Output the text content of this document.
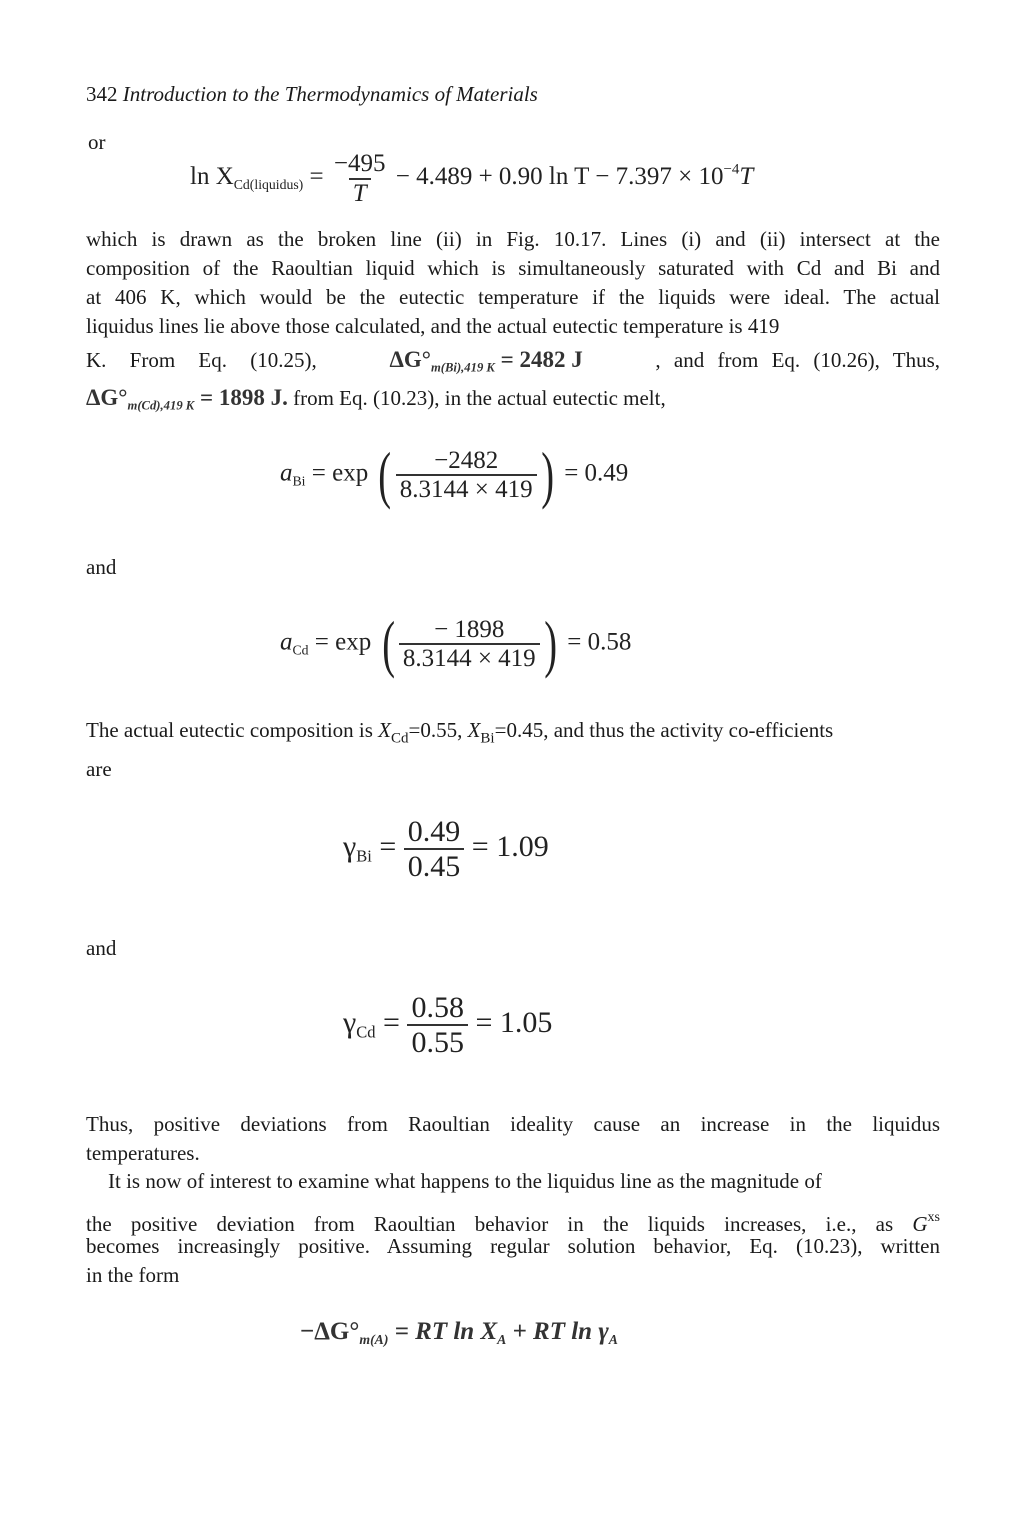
342 Introduction to the Thermodynamics of Materials
or
$\ln X_{Cd(liquidus)} = \frac{-495}{T} - 4.489 + 0.90$ $\ln T - 7.397 \times 10^{-4}T$
which is drawn as the broken line (ii) in Fig. 10.17. Lines (i) and (ii) intersect at the
composition of the Raoultian liquid which is simultaneously saturated with Cd and Bi and
at 406 K, which would be the eutectic temperature if the liquids were ideal. The actual
liquidus lines lie above those calculated, and the actual eutectic temperature is 419
K. From Eq. (10.25),	$\Delta G^\circ_{m(Bi),419 K} = 2482$ J	, and from Eq. (10.26), Thus,
$\Delta G^\circ_{m(Cd),419 K} = 1898$ J. from Eq. (10.23), in the actual eutectic melt,
$a_{Bi} = \exp$ ( $\frac{-2482}{8.3144 \times 419}$ ) = 0.49
and
$a_{Cd} = \exp$ ( $\frac{- 1898}{8.3144 \times 419}$ ) = 0.58
The actual eutectic composition is $X_{Cd}=0.55$, $X_{Bi}=0.45$, and thus the activity co-efficients
are
$\gamma_{Bi} = \frac{0.49}{0.45} = 1.09$
and
$\gamma_{Cd} = \frac{0.58}{0.55} = 1.05$
Thus, positive deviations from Raoultian ideality cause an increase in the liquidus
temperatures.
It is now of interest to examine what happens to the liquidus line as the magnitude of
the positive deviation from Raoultian behavior in the liquids increases, i.e., as $G^{xs}$
becomes increasingly positive. Assuming regular solution behavior, Eq. (10.23), written
in the form
$-\Delta G^\circ_{m(A)}$ = RT $\ln X_A$ + RT $\ln \gamma_A$
